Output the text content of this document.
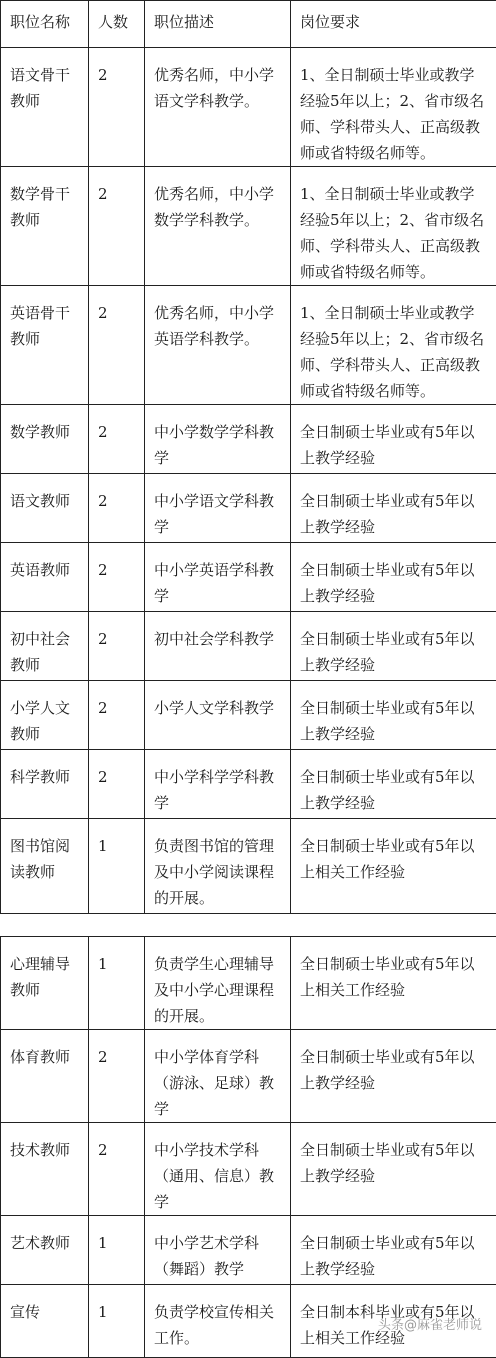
职位名称	人数	职位描述	岗位要求

语文骨干教师	2	优秀名师，中小学语文学科教学。	1、全日制硕士毕业或教学经验5年以上；2、省市级名师、学科带头人、正高级教师或省特级名师等。

数学骨干教师	2	优秀名师，中小学数学学科教学。	1、全日制硕士毕业或教学经验5年以上；2、省市级名师、学科带头人、正高级教师或省特级名师等。

英语骨干教师	2	优秀名师，中小学英语学科教学。	1、全日制硕士毕业或教学经验5年以上；2、省市级名师、学科带头人、正高级教师或省特级名师等。

数学教师	2	中小学数学学科教学	全日制硕士毕业或有5年以上教学经验

语文教师	2	中小学语文学科教学	全日制硕士毕业或有5年以上教学经验

英语教师	2	中小学英语学科教学	全日制硕士毕业或有5年以上教学经验

初中社会教师	2	初中社会学科教学	全日制硕士毕业或有5年以上教学经验

小学人文教师	2	小学人文学科教学	全日制硕士毕业或有5年以上教学经验

科学教师	2	中小学科学学科教学	全日制硕士毕业或有5年以上教学经验

图书馆阅读教师	1	负责图书馆的管理及中小学阅读课程的开展。	全日制硕士毕业或有5年以上相关工作经验
心理辅导教师	1	负责学生心理辅导及中小学心理课程的开展。	全日制硕士毕业或有5年以上相关工作经验

体育教师	2	中小学体育学科（游泳、足球）教学	全日制硕士毕业或有5年以上教学经验

技术教师	2	中小学技术学科（通用、信息）教学	全日制硕士毕业或有5年以上教学经验

艺术教师	1	中小学艺术学科（舞蹈）教学	全日制硕士毕业或有5年以上教学经验

宣传	1	负责学校宣传相关工作。	全日制本科毕业或有5年以上相关工作经验
头条@麻雀老师说
